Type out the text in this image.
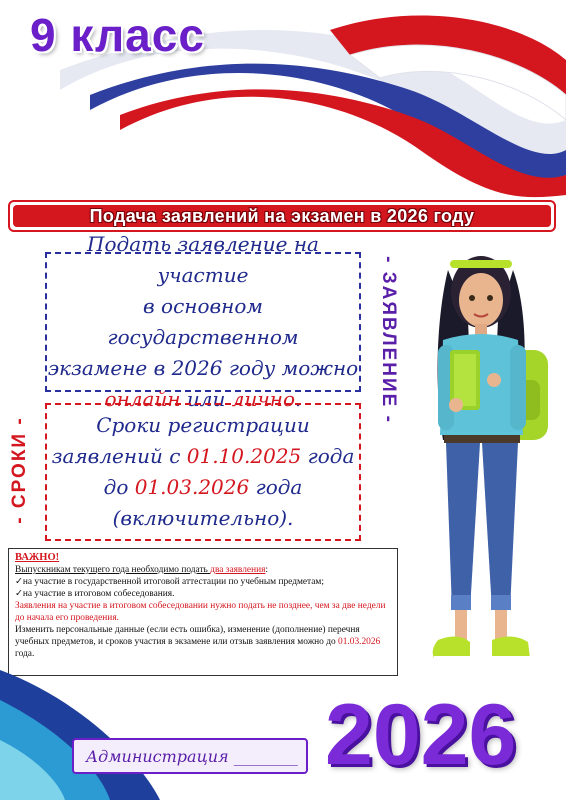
9 класс
Подача заявлений на экзамен в 2026 году
Подать заявление на участие
в основном государственном
экзамене в 2026 году можно
онлайн или лично.
Сроки регистрации
заявлений с 01.10.2025 года
до 01.03.2026 года
(включительно).
- ЗАЯВЛЕНИЕ -
- СРОКИ -
ВАЖНО!
Выпускникам текущего года необходимо подать два заявления:
✓на участие в государственной итоговой аттестации по учебным предметам;
✓на участие в итоговом собеседования.
Заявления на участие в итоговом собеседовании нужно подать не позднее, чем за две недели до начала его проведения.
Изменить персональные данные (если есть ошибка), изменение (дополнение) перечня учебных предметов, и сроков участия в экзамене или отзыв заявления можно до 01.03.2026 года.
2026
Администрация ________
